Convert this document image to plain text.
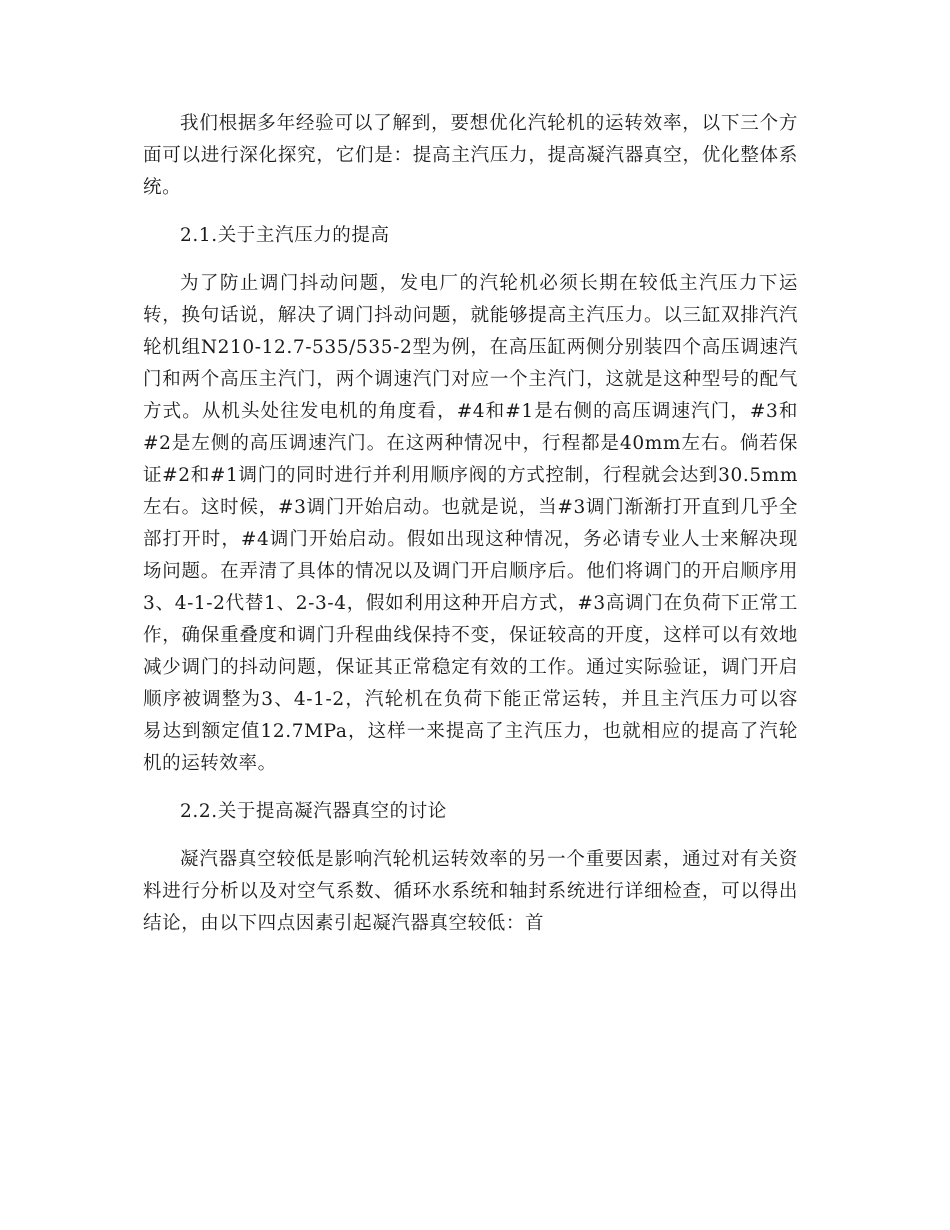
我们根据多年经验可以了解到，要想优化汽轮机的运转效率，以下三个方面可以进行深化探究，它们是：提高主汽压力，提高凝汽器真空，优化整体系统。

2.1.关于主汽压力的提高

为了防止调门抖动问题，发电厂的汽轮机必须长期在较低主汽压力下运转，换句话说，解决了调门抖动问题，就能够提高主汽压力。以三缸双排汽汽轮机组N210-12.7-535/535-2型为例，在高压缸两侧分别装四个高压调速汽门和两个高压主汽门，两个调速汽门对应一个主汽门，这就是这种型号的配气方式。从机头处往发电机的角度看，#4和#1是右侧的高压调速汽门，#3和#2是左侧的高压调速汽门。在这两种情况中，行程都是40mm左右。倘若保证#2和#1调门的同时进行并利用顺序阀的方式控制，行程就会达到30.5mm左右。这时候，#3调门开始启动。也就是说，当#3调门渐渐打开直到几乎全部打开时，#4调门开始启动。假如出现这种情况，务必请专业人士来解决现场问题。在弄清了具体的情况以及调门开启顺序后。他们将调门的开启顺序用3、4-1-2代替1、2-3-4，假如利用这种开启方式，#3高调门在负荷下正常工作，确保重叠度和调门升程曲线保持不变，保证较高的开度，这样可以有效地减少调门的抖动问题，保证其正常稳定有效的工作。通过实际验证，调门开启顺序被调整为3、4-1-2，汽轮机在负荷下能正常运转，并且主汽压力可以容易达到额定值12.7MPa，这样一来提高了主汽压力，也就相应的提高了汽轮机的运转效率。

2.2.关于提高凝汽器真空的讨论

凝汽器真空较低是影响汽轮机运转效率的另一个重要因素，通过对有关资料进行分析以及对空气系数、循环水系统和轴封系统进行详细检查，可以得出结论，由以下四点因素引起凝汽器真空较低：首
